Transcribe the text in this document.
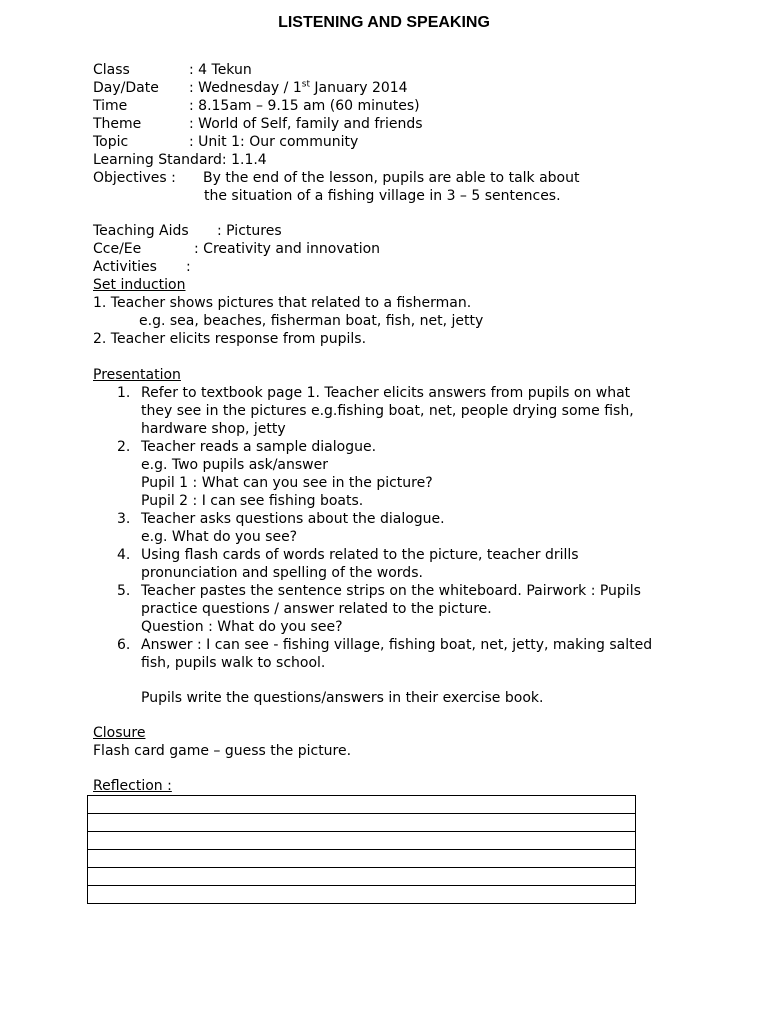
LISTENING AND SPEAKING
Class	: 4 Tekun
Day/Date : Wednesday / 1st January 2014
Time	: 8.15am – 9.15 am (60 minutes)
Theme	: World of Self, family and friends
Topic	: Unit 1: Our community
Learning Standard: 1.1.4
Objectives : By the end of the lesson, pupils are able to talk about
the situation of a fishing village in 3 – 5 sentences.
Teaching Aids : Pictures
Cce/Ee	: Creativity and innovation
Activities :
Set induction
1. Teacher shows pictures that related to a fisherman.
e.g. sea, beaches, fisherman boat, fish, net, jetty
2. Teacher elicits response from pupils.
Presentation
1. Refer to textbook page 1. Teacher elicits answers from pupils on what
they see in the pictures e.g.fishing boat, net, people drying some fish,
hardware shop, jetty
2. Teacher reads a sample dialogue.
e.g. Two pupils ask/answer
Pupil 1 : What can you see in the picture?
Pupil 2 : I can see fishing boats.
3. Teacher asks questions about the dialogue.
e.g. What do you see?
4. Using flash cards of words related to the picture, teacher drills
pronunciation and spelling of the words.
5. Teacher pastes the sentence strips on the whiteboard. Pairwork : Pupils
practice questions / answer related to the picture.
Question : What do you see?
6. Answer : I can see - fishing village, fishing boat, net, jetty, making salted
fish, pupils walk to school.
Pupils write the questions/answers in their exercise book.
Closure
Flash card game – guess the picture.
Reflection :
